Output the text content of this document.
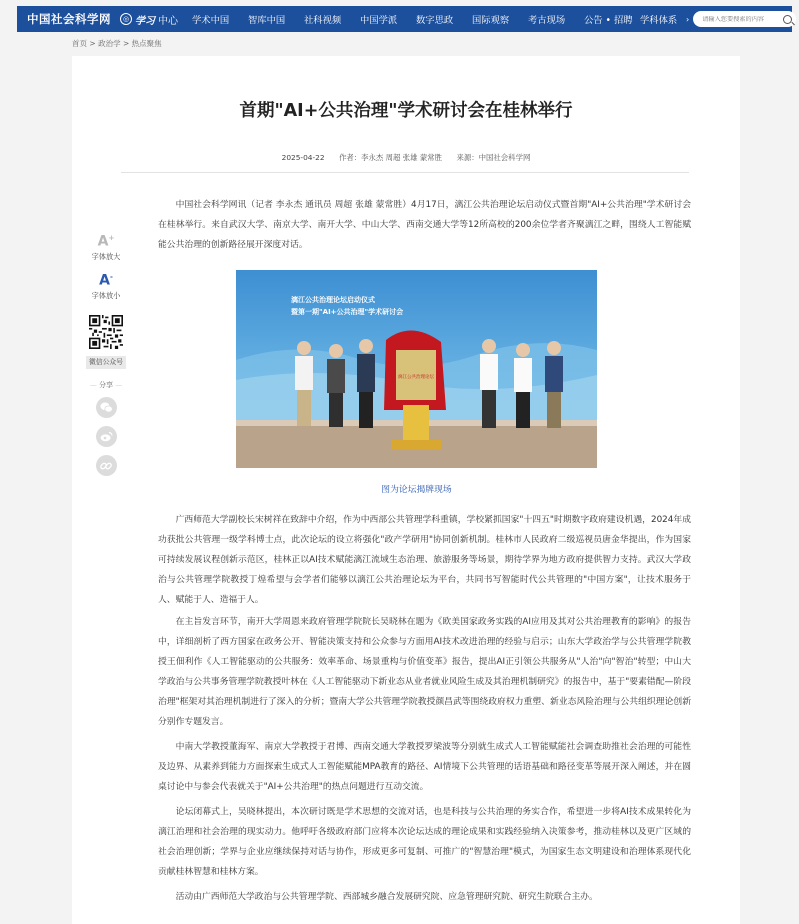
中国社会科学网	◎ 学习 中心 学术中国	智库中国	社科视频	中国学派	数字思政	国际观察	考古现场	公告 • 招聘 学科体系	›
请输入您要搜索的内容
首页 > 政治学 > 热点聚焦
首期"AI+公共治理"学术研讨会在桂林举行
2025-04-22 作者：李永杰 周超 张雄 蒙常胜 来源：中国社会科学网
A+
字体放大
A-
字体放小
微信公众号
— 分享 —

中国社会科学网讯（记者 李永杰 通讯员 周超 张雄 蒙常胜）4月17日，漓江公共治理论坛启动仪式暨首期"AI+公共治理"学术研讨会在桂林举行。来自武汉大学、南京大学、南开大学、中山大学、西南交通大学等12所高校的200余位学者齐聚漓江之畔，围绕人工智能赋能公共治理的创新路径展开深度对话。

漓江公共治理论坛启动仪式
暨第一期"AI+公共治理"学术研讨会
漓江公共治理论坛
图为论坛揭牌现场

广西师范大学副校长宋树祥在致辞中介绍，作为中西部公共管理学科重镇，学校紧抓国家"十四五"时期数字政府建设机遇，2024年成功获批公共管理一级学科博士点，此次论坛的设立将强化"政产学研用"协同创新机制。桂林市人民政府二级巡视员唐金华提出，作为国家可持续发展议程创新示范区，桂林正以AI技术赋能漓江流域生态治理、旅游服务等场景，期待学界为地方政府提供智力支持。武汉大学政治与公共管理学院教授丁煌希望与会学者们能够以漓江公共治理论坛为平台，共同书写智能时代公共管理的"中国方案"，让技术服务于人、赋能于人、造福于人。

在主旨发言环节，南开大学周恩来政府管理学院院长吴晓林在题为《欧美国家政务实践的AI应用及其对公共治理教育的影响》的报告中，详细剖析了西方国家在政务公开、智能决策支持和公众参与方面用AI技术改进治理的经验与启示；山东大学政治学与公共管理学院教授王佃利作《人工智能驱动的公共服务：效率革命、场景重构与价值变革》报告，提出AI正引领公共服务从"人治"向"智治"转型；中山大学政治与公共事务管理学院教授叶林在《人工智能驱动下新业态从业者就业风险生成及其治理机制研究》的报告中，基于"要素错配—阶段治理"框架对其治理机制进行了深入的分析；暨南大学公共管理学院教授颜昌武等围绕政府权力重塑、新业态风险治理与公共组织理论创新分别作专题发言。

中南大学教授董海军、南京大学教授于君博、西南交通大学教授罗梁波等分别就生成式人工智能赋能社会调查助推社会治理的可能性及边界、从素养到能力方面探索生成式人工智能赋能MPA教育的路径、AI情境下公共管理的话语基础和路径变革等展开深入阐述，并在圆桌讨论中与参会代表就关于"AI+公共治理"的热点问题进行互动交流。

论坛闭幕式上，吴晓林提出，本次研讨既是学术思想的交流对话，也是科技与公共治理的务实合作，希望进一步将AI技术成果转化为漓江治理和社会治理的现实动力。他呼吁各级政府部门应将本次论坛达成的理论成果和实践经验纳入决策参考，推动桂林以及更广区域的社会治理创新；学界与企业应继续保持对话与协作，形成更多可复制、可推广的"智慧治理"模式，为国家生态文明建设和治理体系现代化贡献桂林智慧和桂林方案。

活动由广西师范大学政治与公共管理学院、西部城乡融合发展研究院、应急管理研究院、研究生院联合主办。
